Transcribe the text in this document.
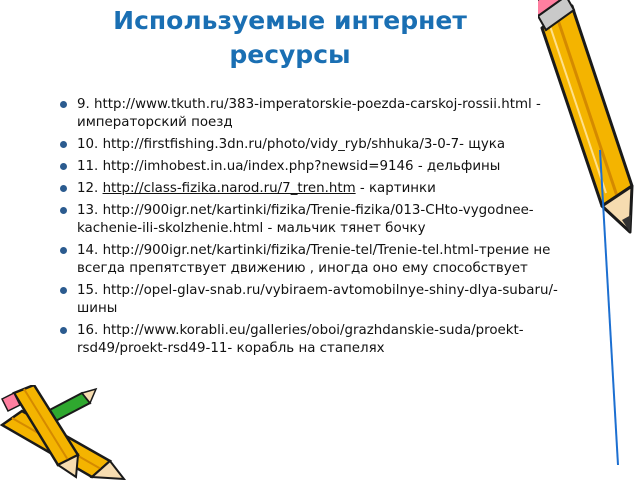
Используемые интернет
ресурсы
9. http://www.tkuth.ru/383-imperatorskie-poezda-carskoj-rossii.html - императорский поезд
10. http://firstfishing.3dn.ru/photo/vidy_ryb/shhuka/3-0-7- щука
11. http://imhobest.in.ua/index.php?newsid=9146 - дельфины
12. http://class-fizika.narod.ru/7_tren.htm - картинки
13. http://900igr.net/kartinki/fizika/Trenie-fizika/013-CHto-vygodnee-kachenie-ili-skolzhenie.html - мальчик тянет бочку
14. http://900igr.net/kartinki/fizika/Trenie-tel/Trenie-tel.html-трение не всегда препятствует движению , иногда оно ему способствует
15. http://opel-glav-snab.ru/vybiraem-avtomobilnye-shiny-dlya-subaru/- шины
16. http://www.korabli.eu/galleries/oboi/grazhdanskie-suda/proekt-rsd49/proekt-rsd49-11- корабль на стапелях
